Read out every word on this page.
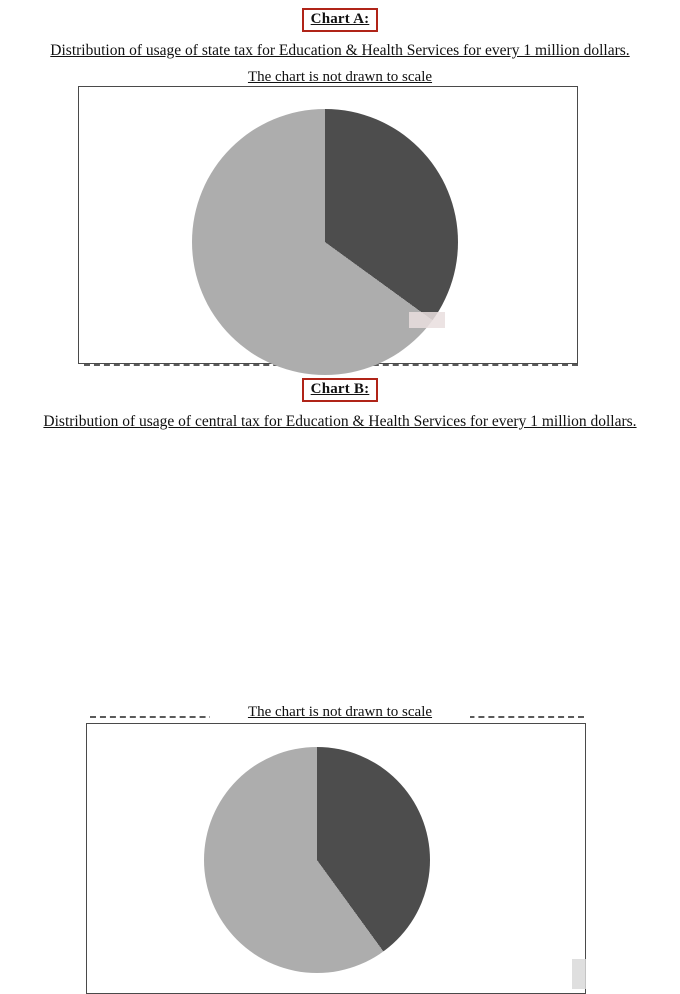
Chart A:
Distribution of usage of state tax for Education & Health Services for every 1 million dollars.
The chart is not drawn to scale
Chart B:
Distribution of usage of central tax for Education & Health Services for every 1 million dollars.
The chart is not drawn to scale
